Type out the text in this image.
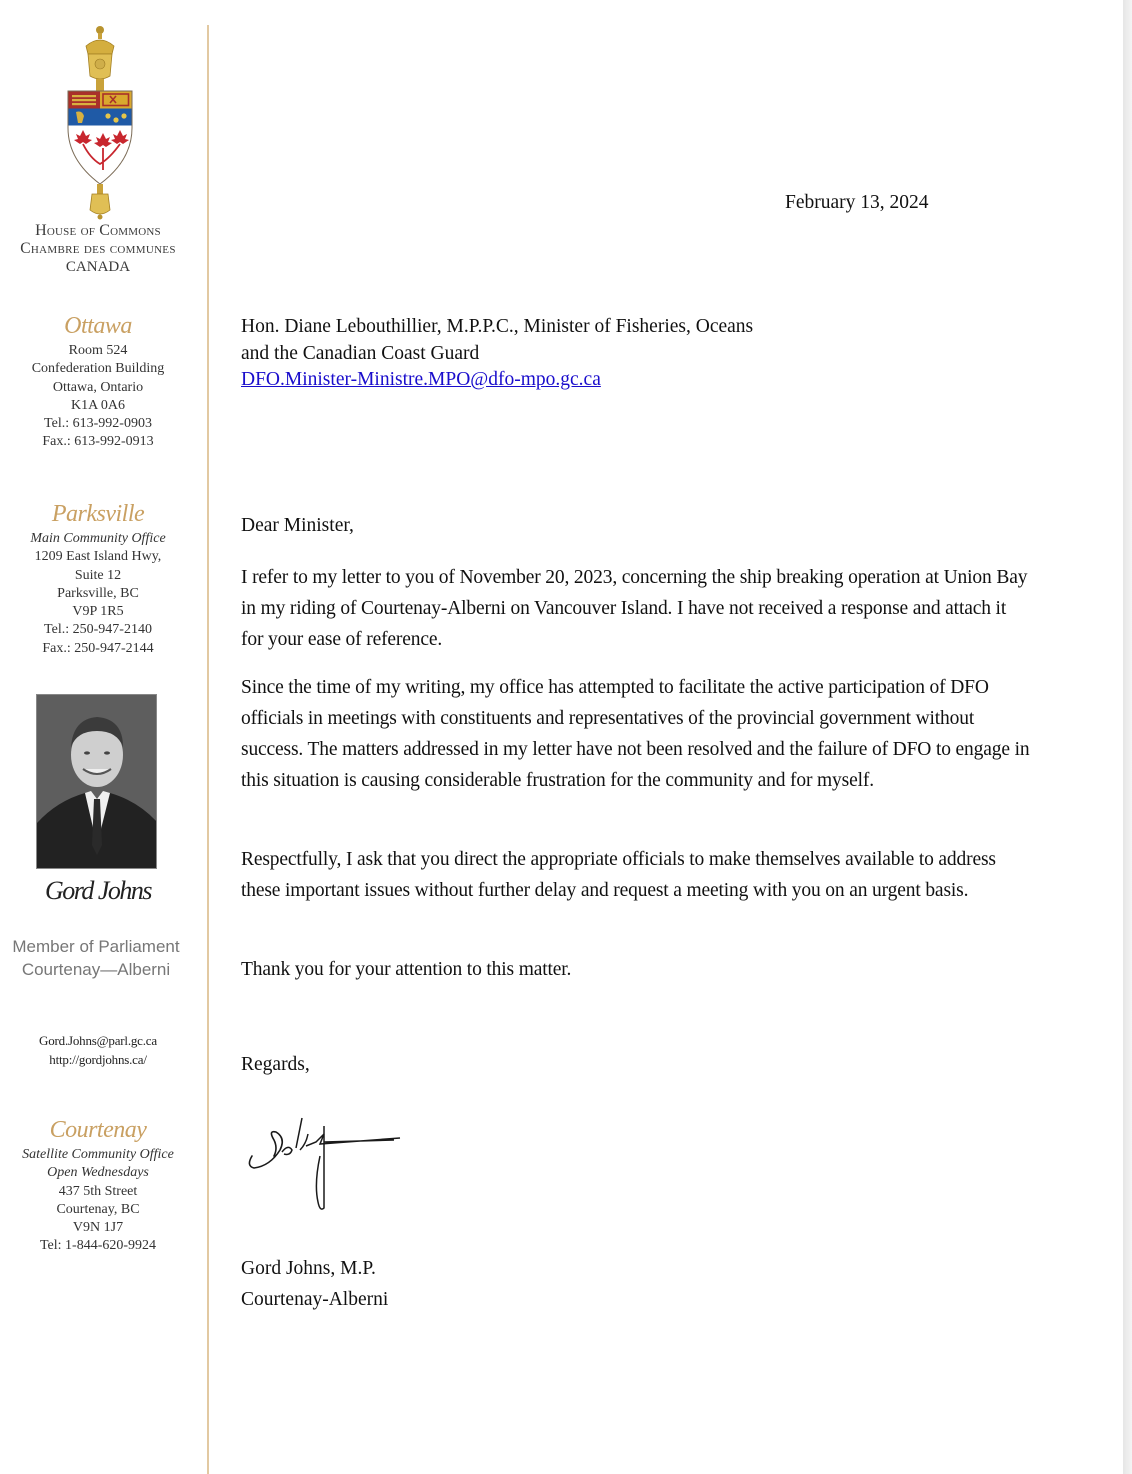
House of Commons
Chambre des communes
CANADA
Ottawa
Room 524
Confederation Building
Ottawa, Ontario
K1A 0A6
Tel.: 613-992-0903
Fax.: 613-992-0913
Parksville
Main Community Office
1209 East Island Hwy,
Suite 12
Parksville, BC
V9P 1R5
Tel.: 250-947-2140
Fax.: 250-947-2144
Gord Johns
Member of Parliament
Courtenay—Alberni
Gord.Johns@parl.gc.ca
http://gordjohns.ca/
Courtenay
Satellite Community Office
Open Wednesdays
437 5th Street
Courtenay, BC
V9N 1J7
Tel: 1-844-620-9924
February 13, 2024
Hon. Diane Lebouthillier, M.P.P.C., Minister of Fisheries, Oceans
and the Canadian Coast Guard
DFO.Minister-Ministre.MPO@dfo-mpo.gc.ca
Dear Minister,

I refer to my letter to you of November 20, 2023, concerning the ship breaking operation at Union Bay in my riding of Courtenay-Alberni on Vancouver Island. I have not received a response and attach it for your ease of reference.

Since the time of my writing, my office has attempted to facilitate the active participation of DFO officials in meetings with constituents and representatives of the provincial government without success. The matters addressed in my letter have not been resolved and the failure of DFO to engage in this situation is causing considerable frustration for the community and for myself.

Respectfully, I ask that you direct the appropriate officials to make themselves available to address these important issues without further delay and request a meeting with you on an urgent basis.

Thank you for your attention to this matter.

Regards,
Gord Johns, M.P.
Courtenay-Alberni
